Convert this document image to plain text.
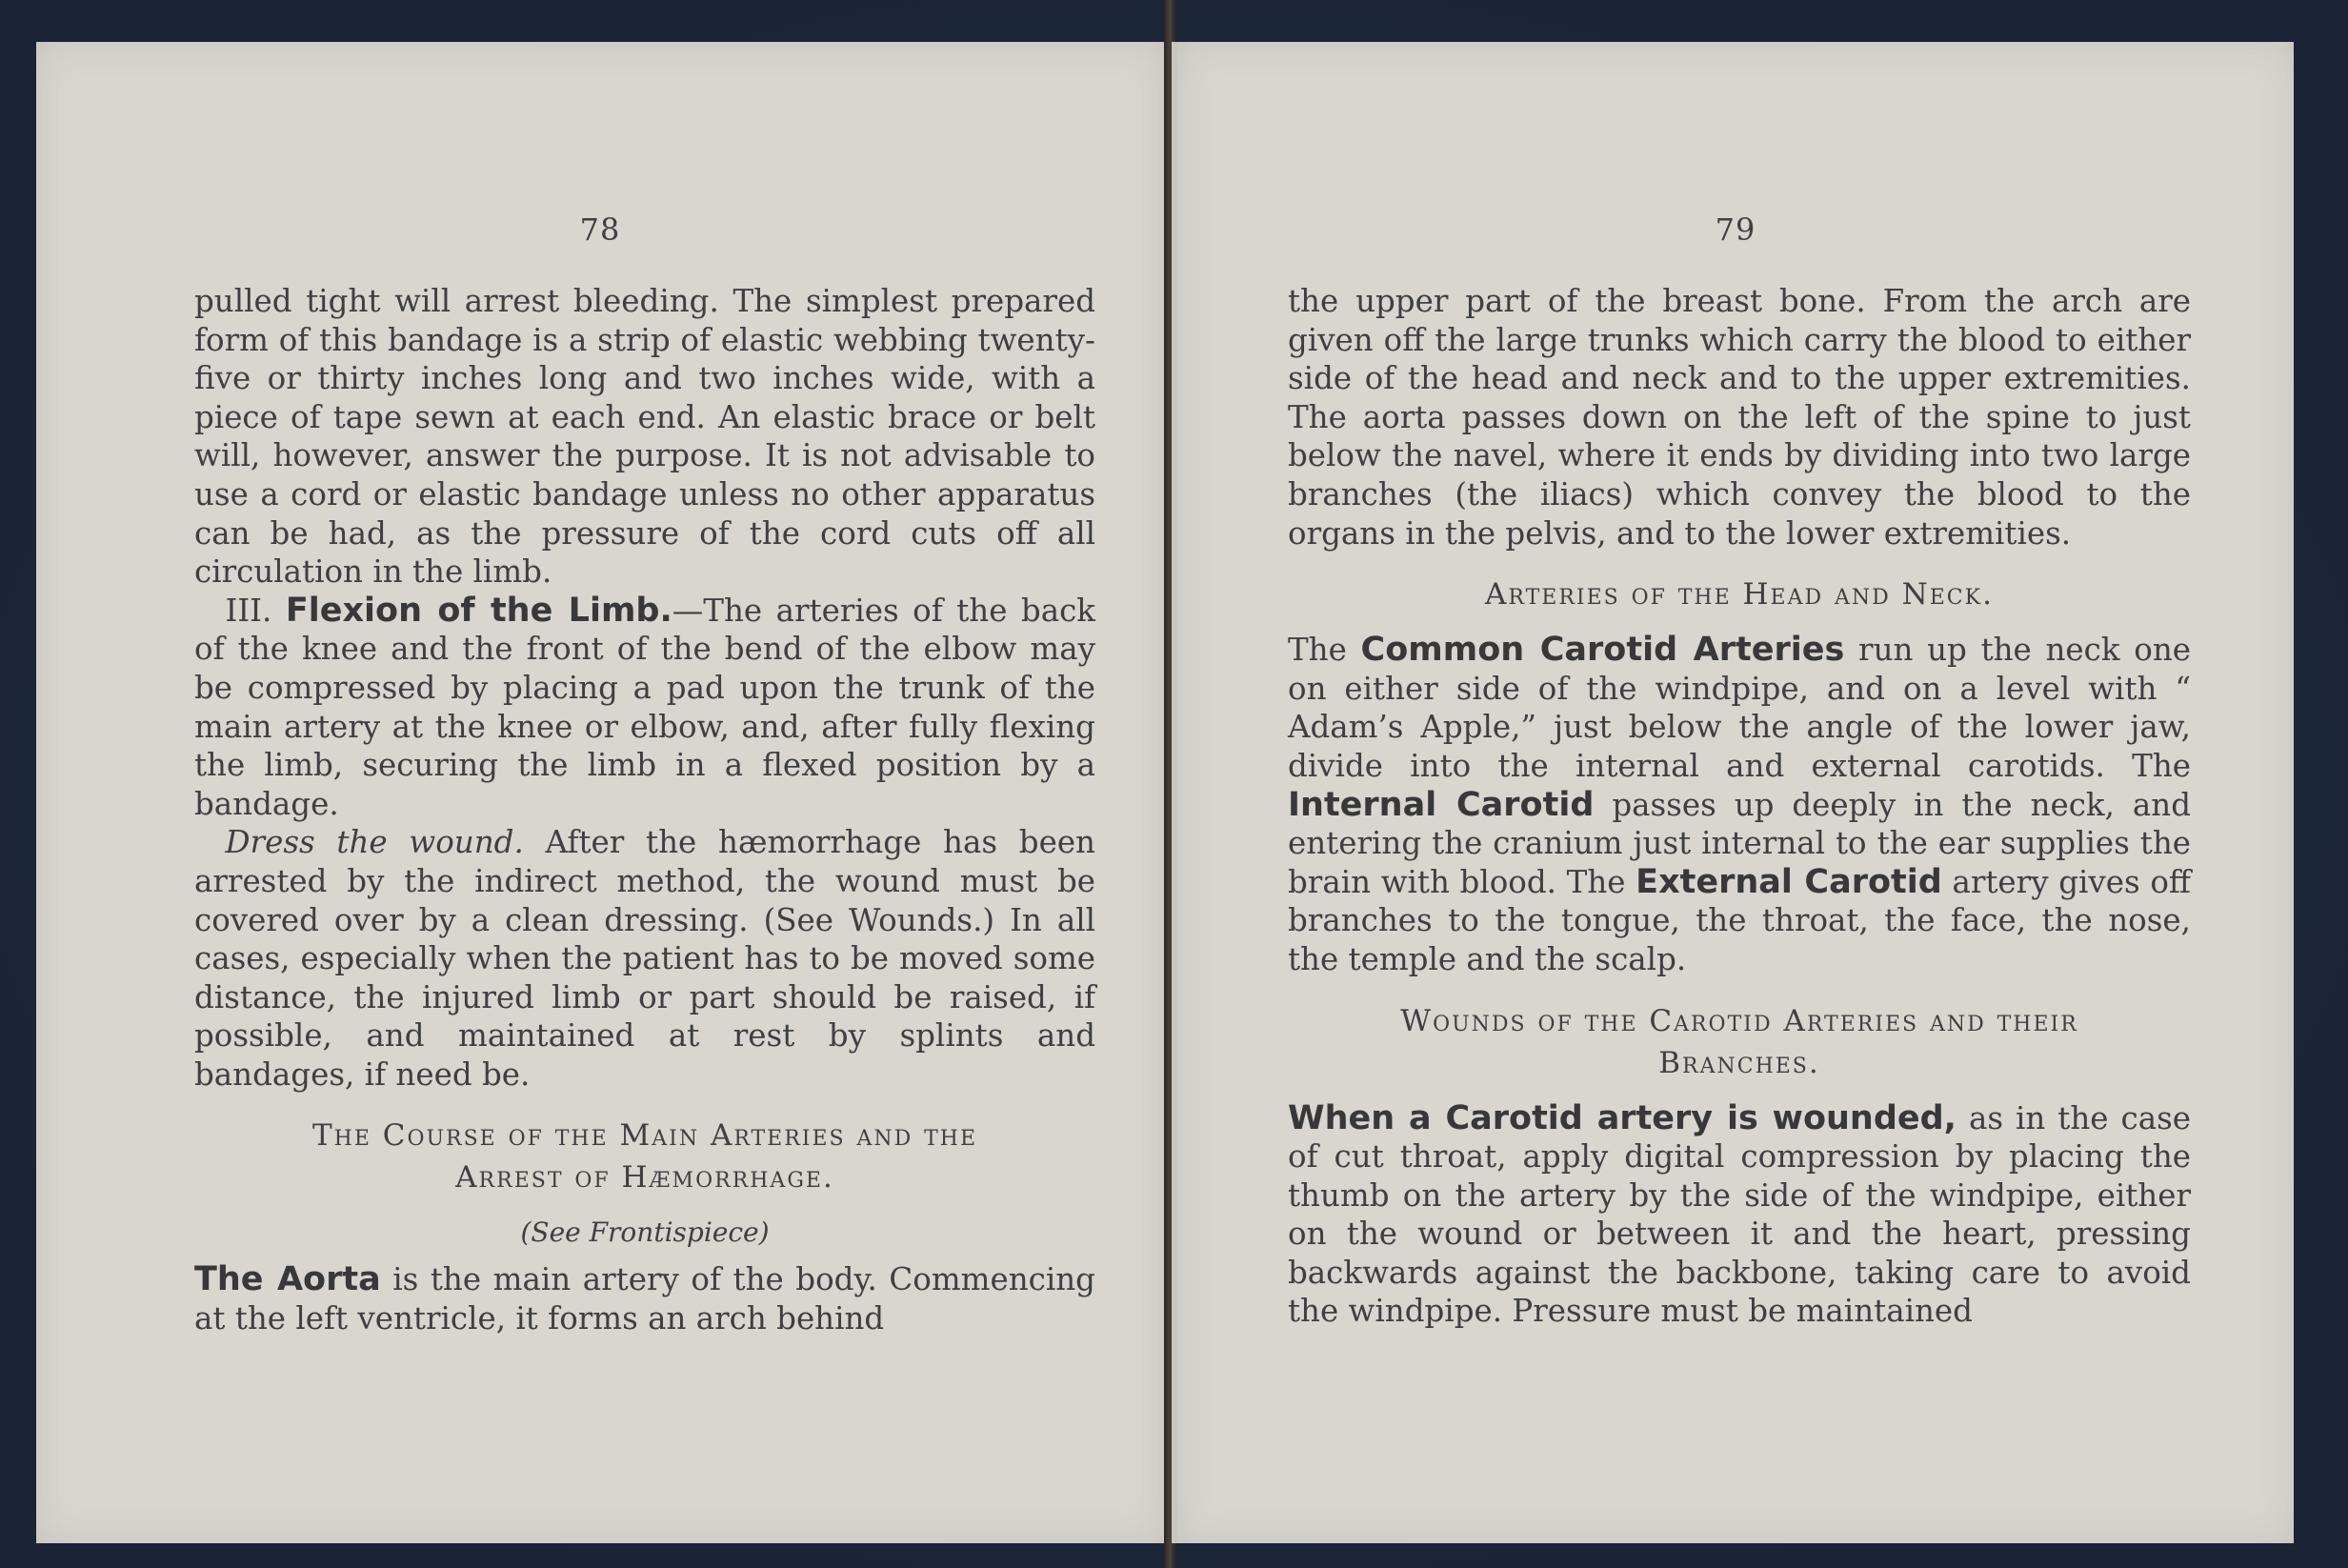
78

pulled tight will arrest bleeding. The simplest prepared form of this bandage is a strip of elastic webbing twenty-five or thirty inches long and two inches wide, with a piece of tape sewn at each end. An elastic brace or belt will, however, answer the purpose. It is not advisable to use a cord or elastic bandage unless no other apparatus can be had, as the pressure of the cord cuts off all circulation in the limb.

 III. Flexion of the Limb.—The arteries of the back of the knee and the front of the bend of the elbow may be compressed by placing a pad upon the trunk of the main artery at the knee or elbow, and, after fully flexing the limb, securing the limb in a flexed position by a bandage.

 Dress the wound. After the hæmorrhage has been arrested by the indirect method, the wound must be covered over by a clean dressing. (See Wounds.) In all cases, especially when the patient has to be moved some distance, the injured limb or part should be raised, if possible, and maintained at rest by splints and bandages, if need be.

The Course of the Main Arteries and the
Arrest of Hæmorrhage.
(See Frontispiece)

The Aorta is the main artery of the body. Commencing at the left ventricle, it forms an arch behind

79

the upper part of the breast bone. From the arch are given off the large trunks which carry the blood to either side of the head and neck and to the upper extremities. The aorta passes down on the left of the spine to just below the navel, where it ends by dividing into two large branches (the iliacs) which convey the blood to the organs in the pelvis, and to the lower extremities.

Arteries of the Head and Neck.

The Common Carotid Arteries run up the neck one on either side of the windpipe, and on a level with “ Adam’s Apple,” just below the angle of the lower jaw, divide into the internal and external carotids. The Internal Carotid passes up deeply in the neck, and entering the cranium just internal to the ear supplies the brain with blood. The External Carotid artery gives off branches to the tongue, the throat, the face, the nose, the temple and the scalp.

Wounds of the Carotid Arteries and their
Branches.

When a Carotid artery is wounded, as in the case of cut throat, apply digital compression by placing the thumb on the artery by the side of the windpipe, either on the wound or between it and the heart, pressing backwards against the backbone, taking care to avoid the windpipe. Pressure must be maintained
